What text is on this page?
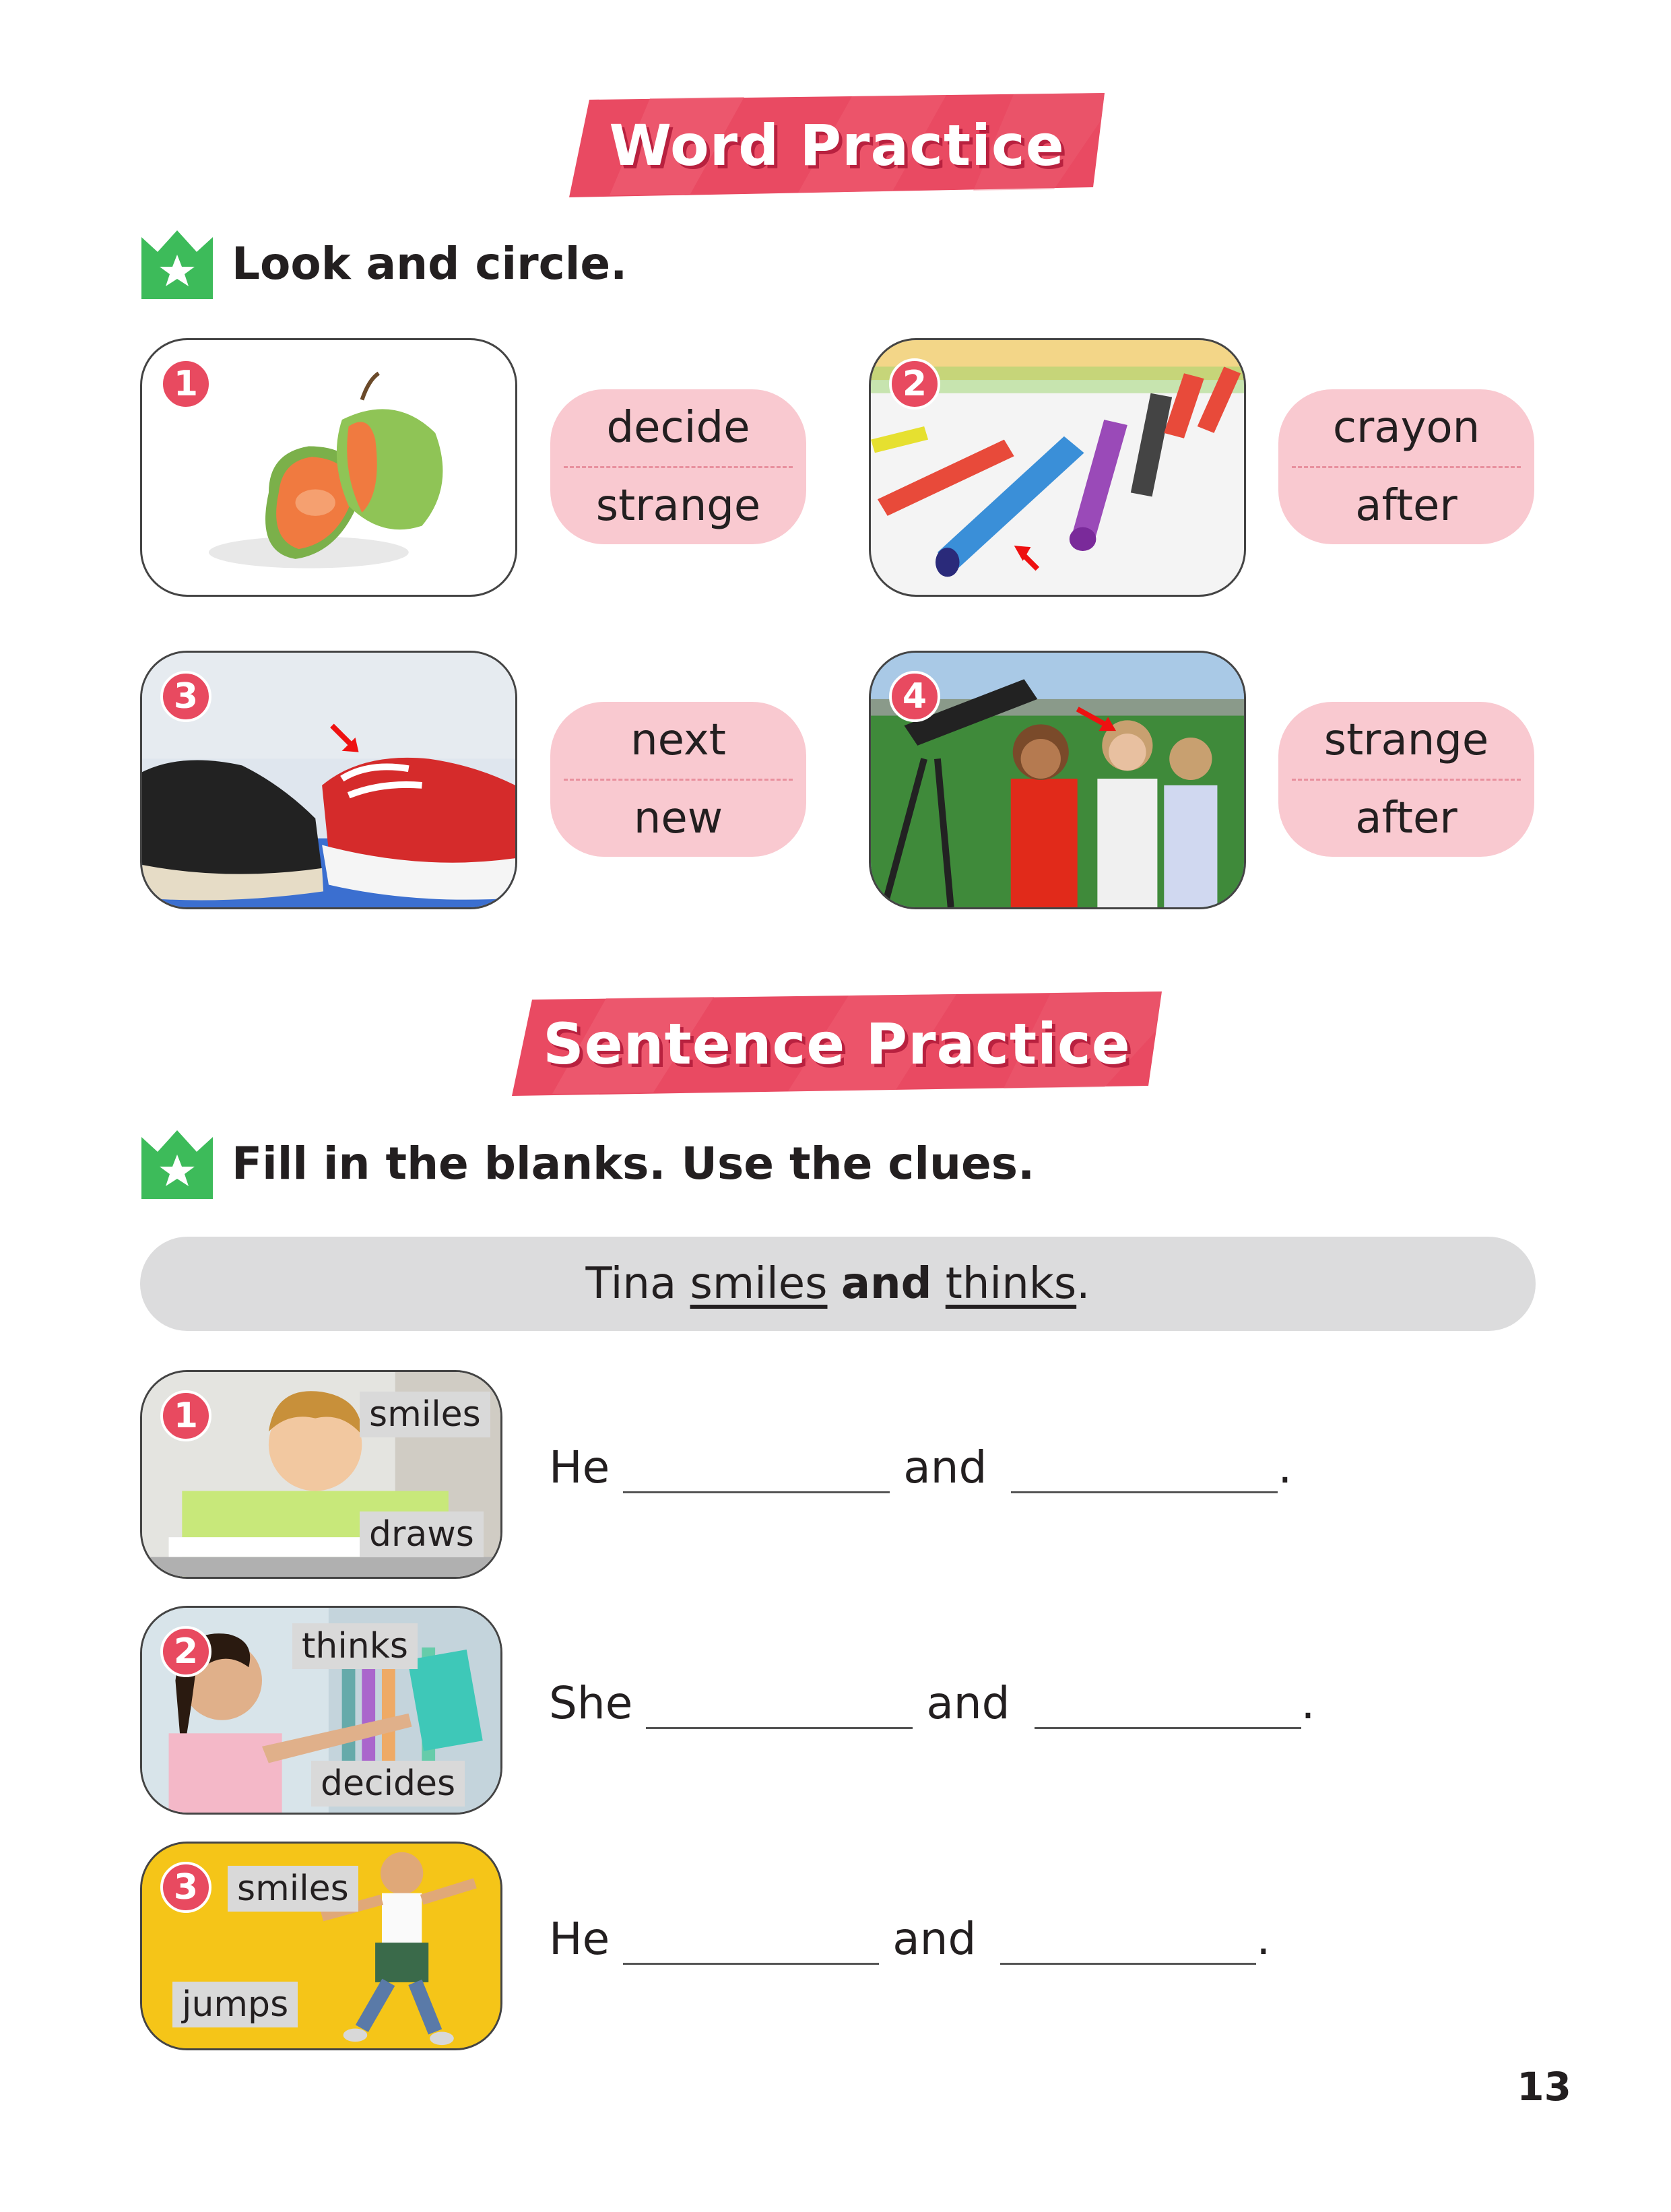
Word Practice
Look and circle.
1
decide
strange
2
crayon
after
3
next
new
4
strange
after
Sentence Practice
Fill in the blanks. Use the clues.
Tina smiles
and
thinks .
1	smiles
draws
He	and	.
2	thinks
decides
She	and	.
3	smiles
jumps
He	and	.
13
